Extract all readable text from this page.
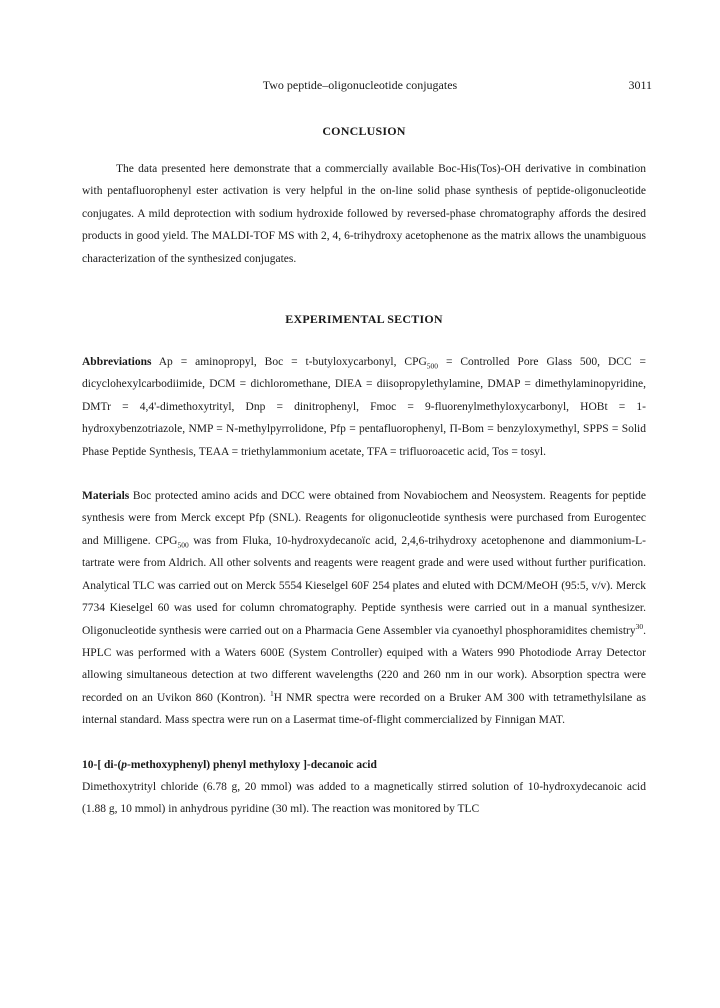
Two peptide–oligonucleotide conjugates	3011
CONCLUSION

The data presented here demonstrate that a commercially available Boc-His(Tos)-OH derivative in combination with pentafluorophenyl ester activation is very helpful in the on-line solid phase synthesis of peptide-oligonucleotide conjugates. A mild deprotection with sodium hydroxide followed by reversed-phase chromatography affords the desired products in good yield. The MALDI-TOF MS with 2, 4, 6-trihydroxy acetophenone as the matrix allows the unambiguous characterization of the synthesized conjugates.

EXPERIMENTAL SECTION

Abbreviations Ap = aminopropyl, Boc = t-butyloxycarbonyl, $CPG_{500}$ = Controlled Pore Glass 500, DCC = dicyclohexylcarbodiimide, DCM = dichloromethane, DIEA = diisopropylethylamine, DMAP = dimethylaminopyridine, DMTr = 4,4'-dimethoxytrityl, Dnp = dinitrophenyl, Fmoc = 9-fluorenylmethyloxycarbonyl, HOBt = 1-hydroxybenzotriazole, NMP = N-methylpyrrolidone, Pfp = pentafluorophenyl, Π-Bom = benzyloxymethyl, SPPS = Solid Phase Peptide Synthesis, TEAA = triethylammonium acetate, TFA = trifluoroacetic acid, Tos = tosyl.

Materials Boc protected amino acids and DCC were obtained from Novabiochem and Neosystem. Reagents for peptide synthesis were from Merck except Pfp (SNL). Reagents for oligonucleotide synthesis were purchased from Eurogentec and Milligene. $CPG_{500}$ was from Fluka, 10-hydroxydecanoïc acid, 2,4,6-trihydroxy acetophenone and diammonium-L-tartrate were from Aldrich. All other solvents and reagents were reagent grade and were used without further purification. Analytical TLC was carried out on Merck 5554 Kieselgel 60F 254 plates and eluted with DCM/MeOH (95:5, v/v). Merck 7734 Kieselgel 60 was used for column chromatography. Peptide synthesis were carried out in a manual synthesizer. Oligonucleotide synthesis were carried out on a Pharmacia Gene Assembler via cyanoethyl phosphoramidites chemistry$^{30}$. HPLC was performed with a Waters 600E (System Controller) equiped with a Waters 990 Photodiode Array Detector allowing simultaneous detection at two different wavelengths (220 and 260 nm in our work). Absorption spectra were recorded on an Uvikon 860 (Kontron). $^1$H NMR spectra were recorded on a Bruker AM 300 with tetramethylsilane as internal standard. Mass spectra were run on a Lasermat time-of-flight commercialized by Finnigan MAT.

10-[ di-(p-methoxyphenyl) phenyl methyloxy ]-decanoic acid

Dimethoxytrityl chloride (6.78 g, 20 mmol) was added to a magnetically stirred solution of 10-hydroxydecanoic acid (1.88 g, 10 mmol) in anhydrous pyridine (30 ml). The reaction was monitored by TLC
